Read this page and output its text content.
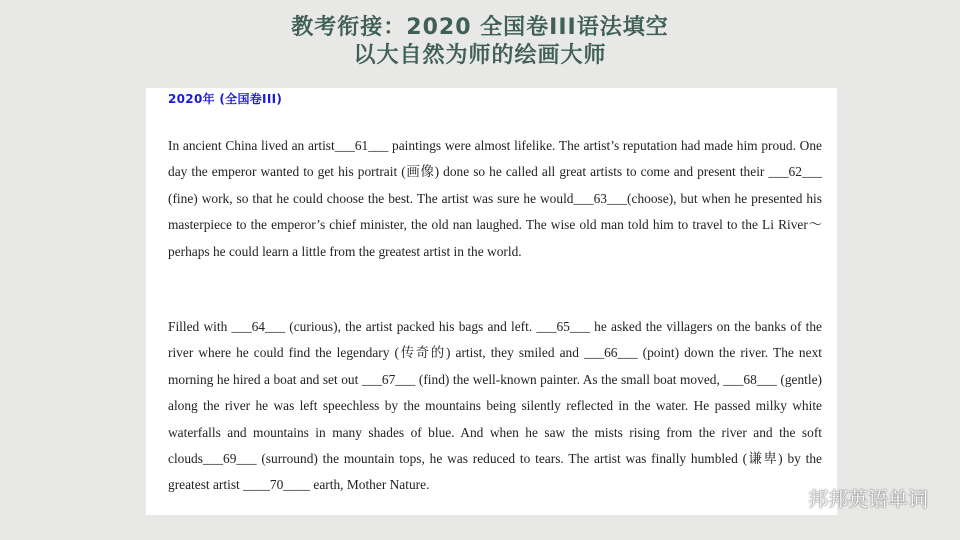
教考衔接：2020 全国卷III语法填空
以大自然为师的绘画大师
2020年 (全国卷III)

In ancient China lived an artist___61___ paintings were almost lifelike. The artist’s reputation had made him proud. One day the emperor wanted to get his portrait (画像) done so he called all great artists to come and present their ___62___ (fine) work, so that he could choose the best. The artist was sure he would___63___(choose), but when he presented his masterpiece to the emperor’s chief minister, the old nan laughed. The wise old man told him to travel to the Li River～perhaps he could learn a little from the greatest artist in the world.

Filled with ___64___ (curious), the artist packed his bags and left. ___65___ he asked the villagers on the banks of the river where he could find the legendary (传奇的) artist, they smiled and ___66___ (point) down the river. The next morning he hired a boat and set out ___67___ (find) the well-known painter. As the small boat moved, ___68___ (gentle) along the river he was left speechless by the mountains being silently reflected in the water. He passed milky white waterfalls and mountains in many shades of blue. And when he saw the mists rising from the river and the soft clouds___69___ (surround) the mountain tops, he was reduced to tears. The artist was finally humbled (谦卑) by the greatest artist ____70____ earth, Mother Nature.

邦邦英语单词
